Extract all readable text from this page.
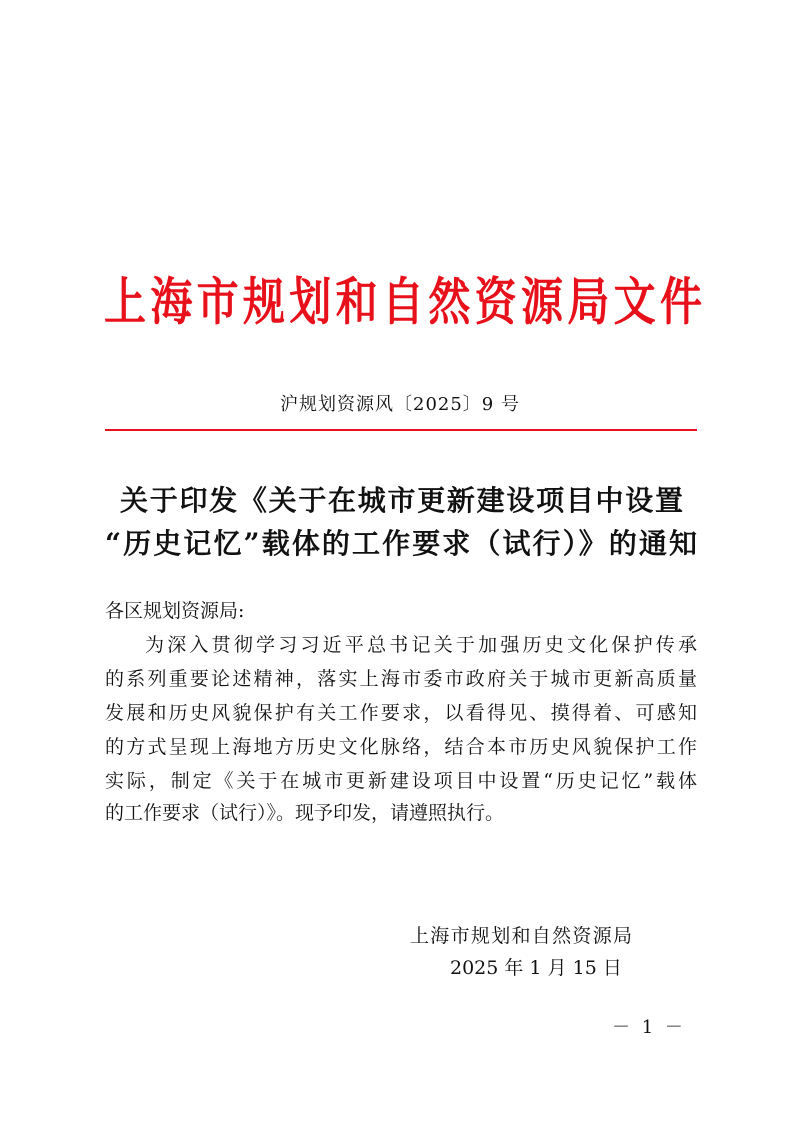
上海市规划和自然资源局文件
沪规划资源风〔2025〕9 号
关于印发《关于在城市更新建设项目中设置
“历史记忆”载体的工作要求（试行）》的通知
各区规划资源局:
为深入贯彻学习习近平总书记关于加强历史文化保护传承
的系列重要论述精神，落实上海市委市政府关于城市更新高质量
发展和历史风貌保护有关工作要求，以看得见、摸得着、可感知
的方式呈现上海地方历史文化脉络，结合本市历史风貌保护工作
实际，制定《关于在城市更新建设项目中设置“历史记忆”载体
的工作要求（试行）》。现予印发，请遵照执行。
上海市规划和自然资源局
2025 年 1 月 15 日
－ 1 －
